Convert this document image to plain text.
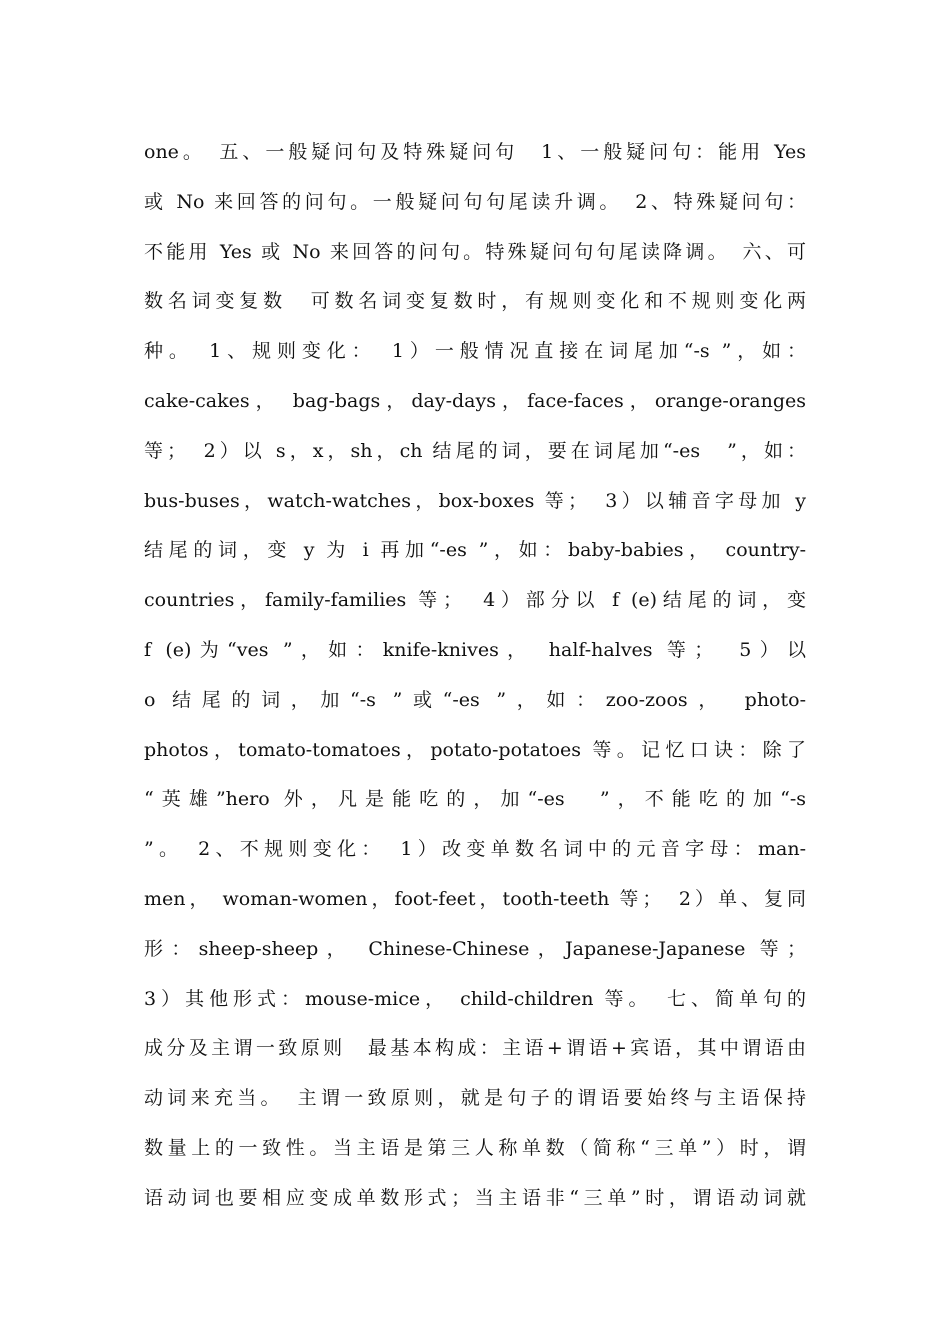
one。　五、一般疑问句及特殊疑问句　1、一般疑问句：能用 Yes
或 No 来回答的问句。一般疑问句句尾读升调。　2、特殊疑问句：
不能用 Yes 或 No 来回答的问句。特殊疑问句句尾读降调。　六、可
数名词变复数　可数名词变复数时，有规则变化和不规则变化两
种。　1、规则变化：　1）一般情况直接在词尾加“-s ”，如：
cake-cakes， bag-bags，day-days，face-faces，orange-oranges
等；　2）以 s，x，sh，ch 结尾的词，要在词尾加“-es　”，如：
bus-buses，watch-watches，box-boxes 等；　3）以辅音字母加 y
结尾的词，变 y 为 i 再加“-es ”，如：baby-babies， country-
countries，family-families 等；　4）部分以 f (e)结尾的词，变
f (e)为“ves ”，如：knife-knives， half-halves 等；　5）以
o 结尾的词，加“-s ”或“-es ”，如：zoo-zoos， photo-
photos，tomato-tomatoes，potato-potatoes 等。记忆口诀：除了
“英雄”hero 外，凡是能吃的，加“-es　”，不能吃的加“-s
”。　2、不规则变化：　1）改变单数名词中的元音字母：man-
men， woman-women，foot-feet，tooth-teeth 等；　2）单、复同
形：sheep-sheep， Chinese-Chinese，Japanese-Japanese 等；
3）其他形式：mouse-mice， child-children 等。　七、简单句的
成分及主谓一致原则　最基本构成：主语+谓语+宾语，其中谓语由
动词来充当。　主谓一致原则，就是句子的谓语要始终与主语保持
数量上的一致性。当主语是第三人称单数（简称“三单”）时，谓
语动词也要相应变成单数形式；当主语非“三单”时，谓语动词就
